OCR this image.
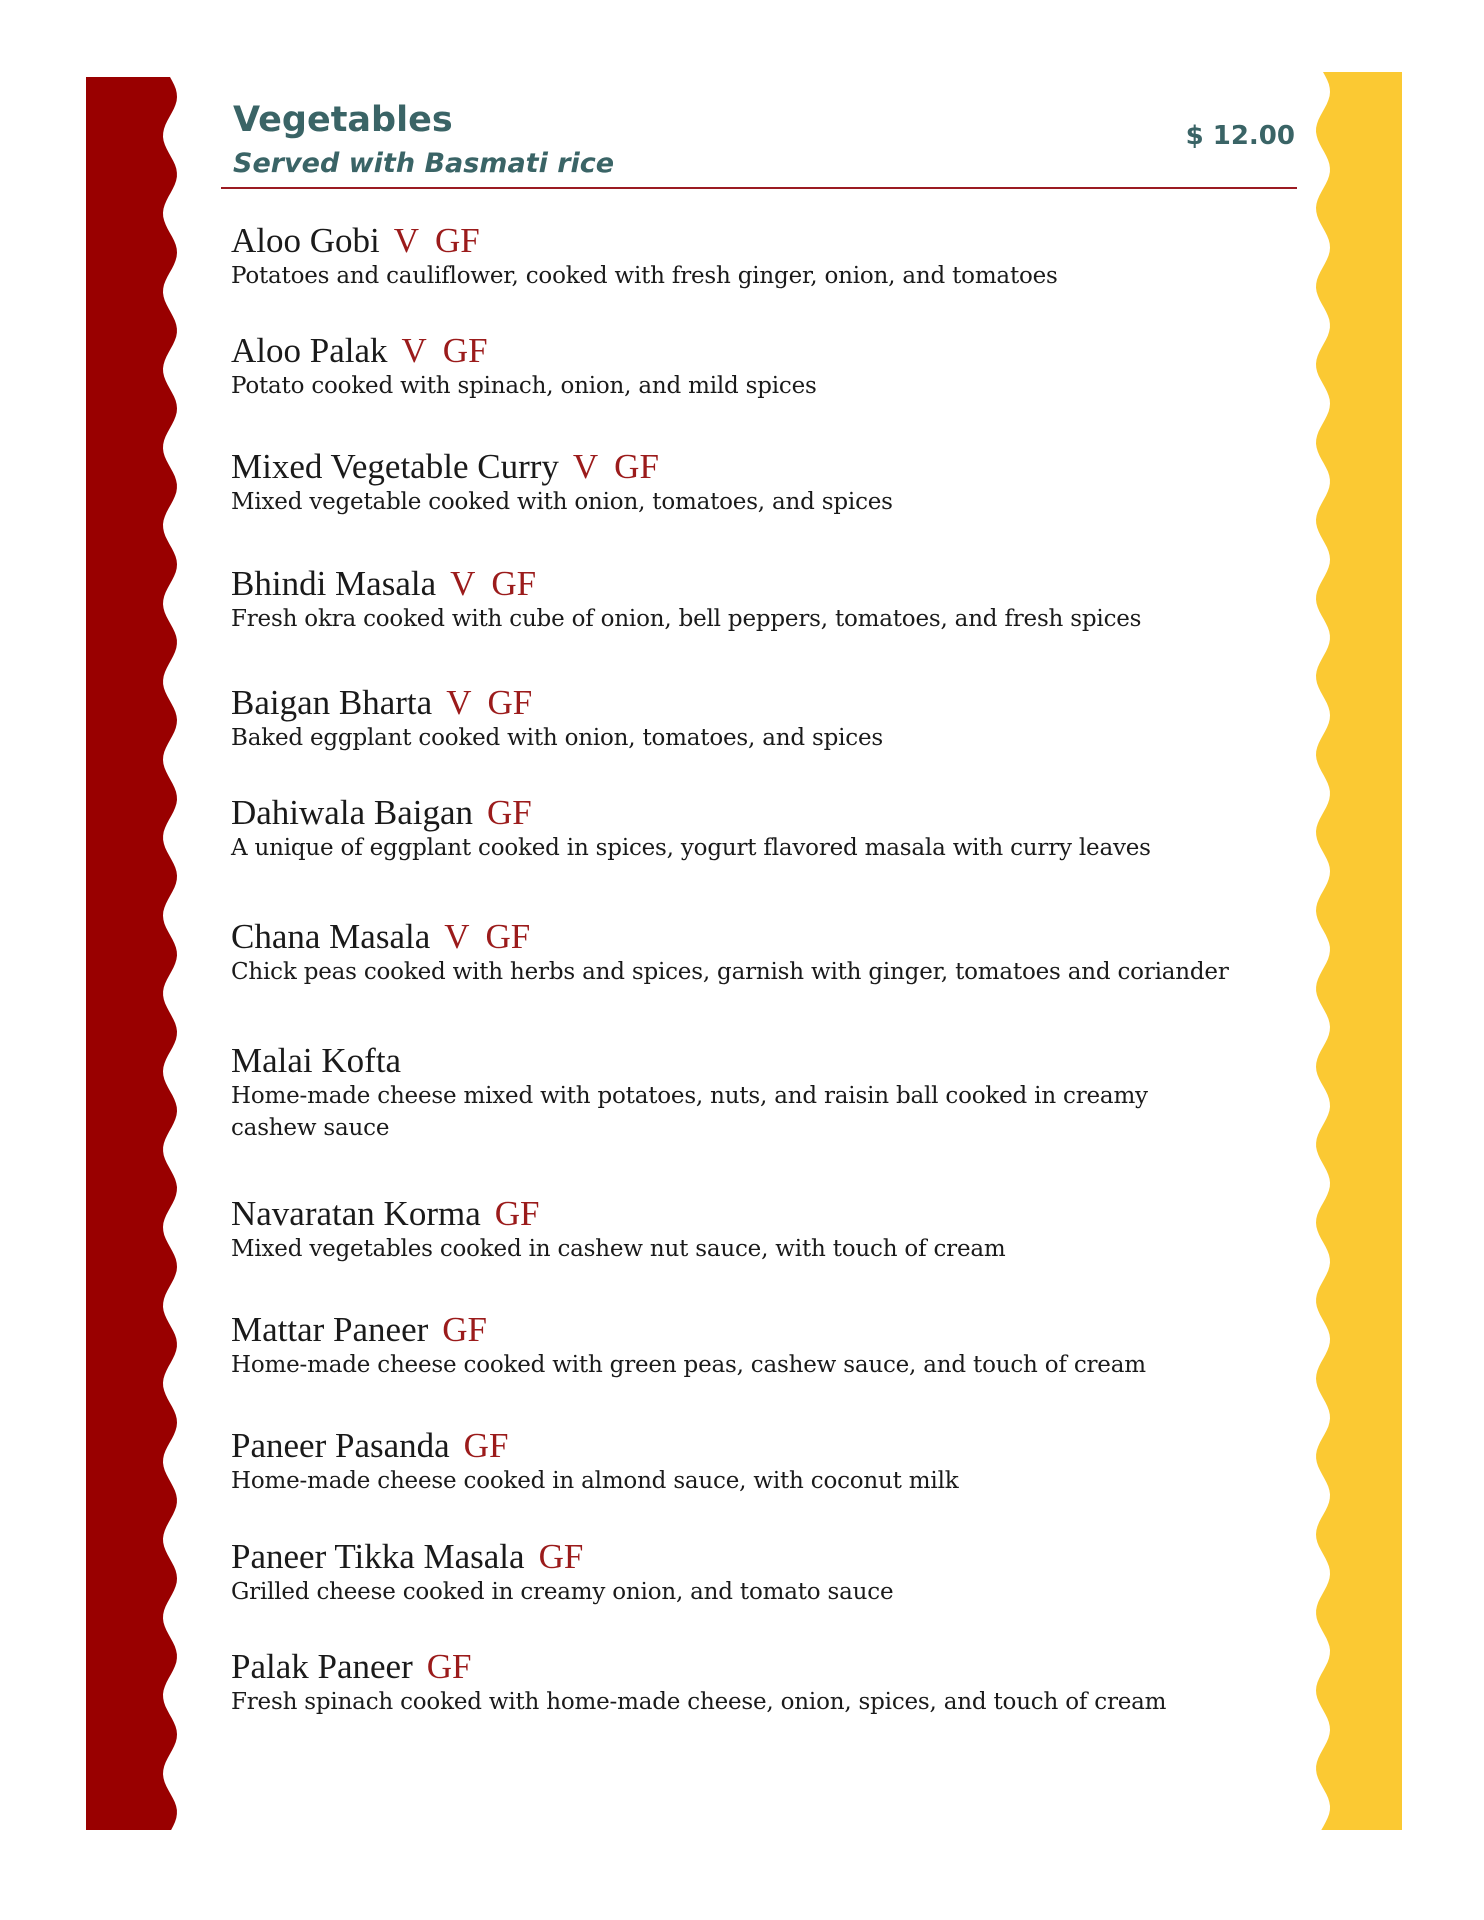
Vegetables

Served with Basmati rice

$ 12.00

Aloo Gobi V GF
Potatoes and cauliflower, cooked with fresh ginger, onion, and tomatoes
Aloo Palak V GF
Potato cooked with spinach, onion, and mild spices
Mixed Vegetable Curry V GF
Mixed vegetable cooked with onion, tomatoes, and spices
Bhindi Masala V GF
Fresh okra cooked with cube of onion, bell peppers, tomatoes, and fresh spices
Baigan Bharta V GF
Baked eggplant cooked with onion, tomatoes, and spices
Dahiwala Baigan GF
A unique of eggplant cooked in spices, yogurt flavored masala with curry leaves
Chana Masala V GF
Chick peas cooked with herbs and spices, garnish with ginger, tomatoes and coriander
Malai Kofta
Home-made cheese mixed with potatoes, nuts, and raisin ball cooked in creamy cashew sauce
Navaratan Korma GF
Mixed vegetables cooked in cashew nut sauce, with touch of cream
Mattar Paneer GF
Home-made cheese cooked with green peas, cashew sauce, and touch of cream
Paneer Pasanda GF
Home-made cheese cooked in almond sauce, with coconut milk
Paneer Tikka Masala GF
Grilled cheese cooked in creamy onion, and tomato sauce
Palak Paneer GF
Fresh spinach cooked with home-made cheese, onion, spices, and touch of cream
